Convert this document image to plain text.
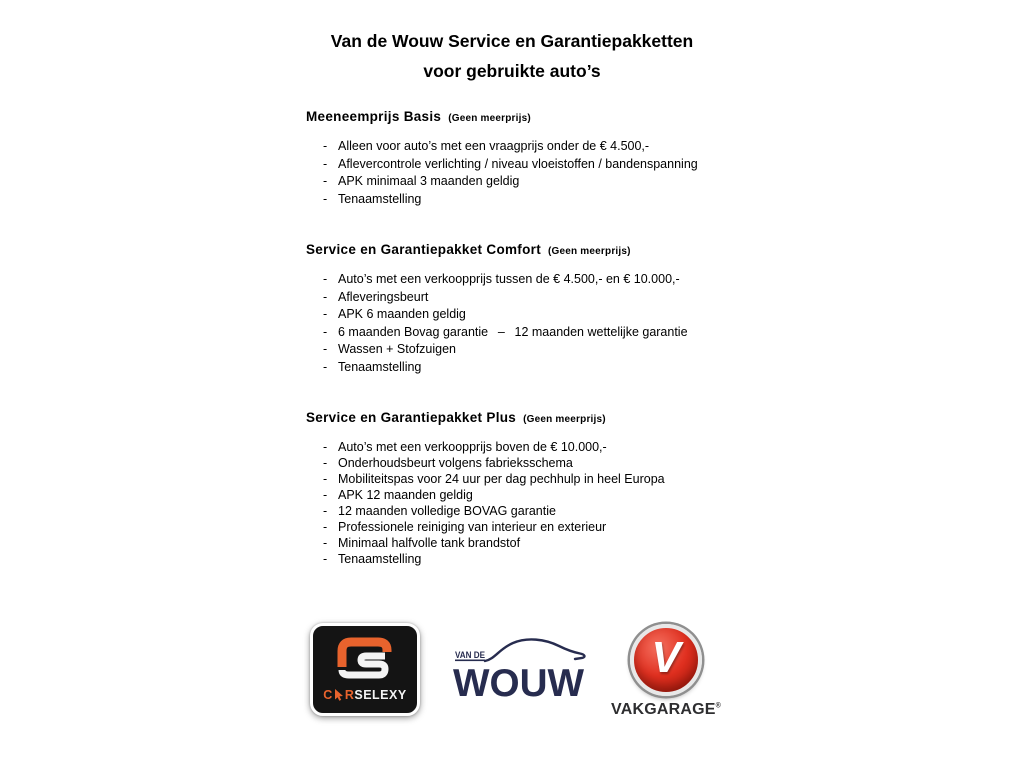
Van de Wouw Service en Garantiepakketten
voor gebruikte auto’s
Meeneemprijs Basis (Geen meerprijs)
- Alleen voor auto’s met een vraagprijs onder de € 4.500,-
- Aflevercontrole verlichting / niveau vloeistoffen / bandenspanning
- APK minimaal 3 maanden geldig
- Tenaamstelling
Service en Garantiepakket Comfort (Geen meerprijs)
- Auto’s met een verkoopprijs tussen de € 4.500,- en € 10.000,-
- Afleveringsbeurt
- APK 6 maanden geldig
- 6 maanden Bovag garantie  –  12 maanden wettelijke garantie
- Wassen + Stofzuigen
- Tenaamstelling
Service en Garantiepakket Plus (Geen meerprijs)
- Auto’s met een verkoopprijs boven de € 10.000,-
- Onderhoudsbeurt volgens fabrieksschema
- Mobiliteitspas voor 24 uur per dag pechhulp in heel Europa
- APK 12 maanden geldig
- 12 maanden volledige BOVAG garantie
- Professionele reiniging van interieur en exterieur
- Minimaal halfvolle tank brandstof
- Tenaamstelling
C R SELEXY
VAN DE
WOUW
V
VAKGARAGE®
